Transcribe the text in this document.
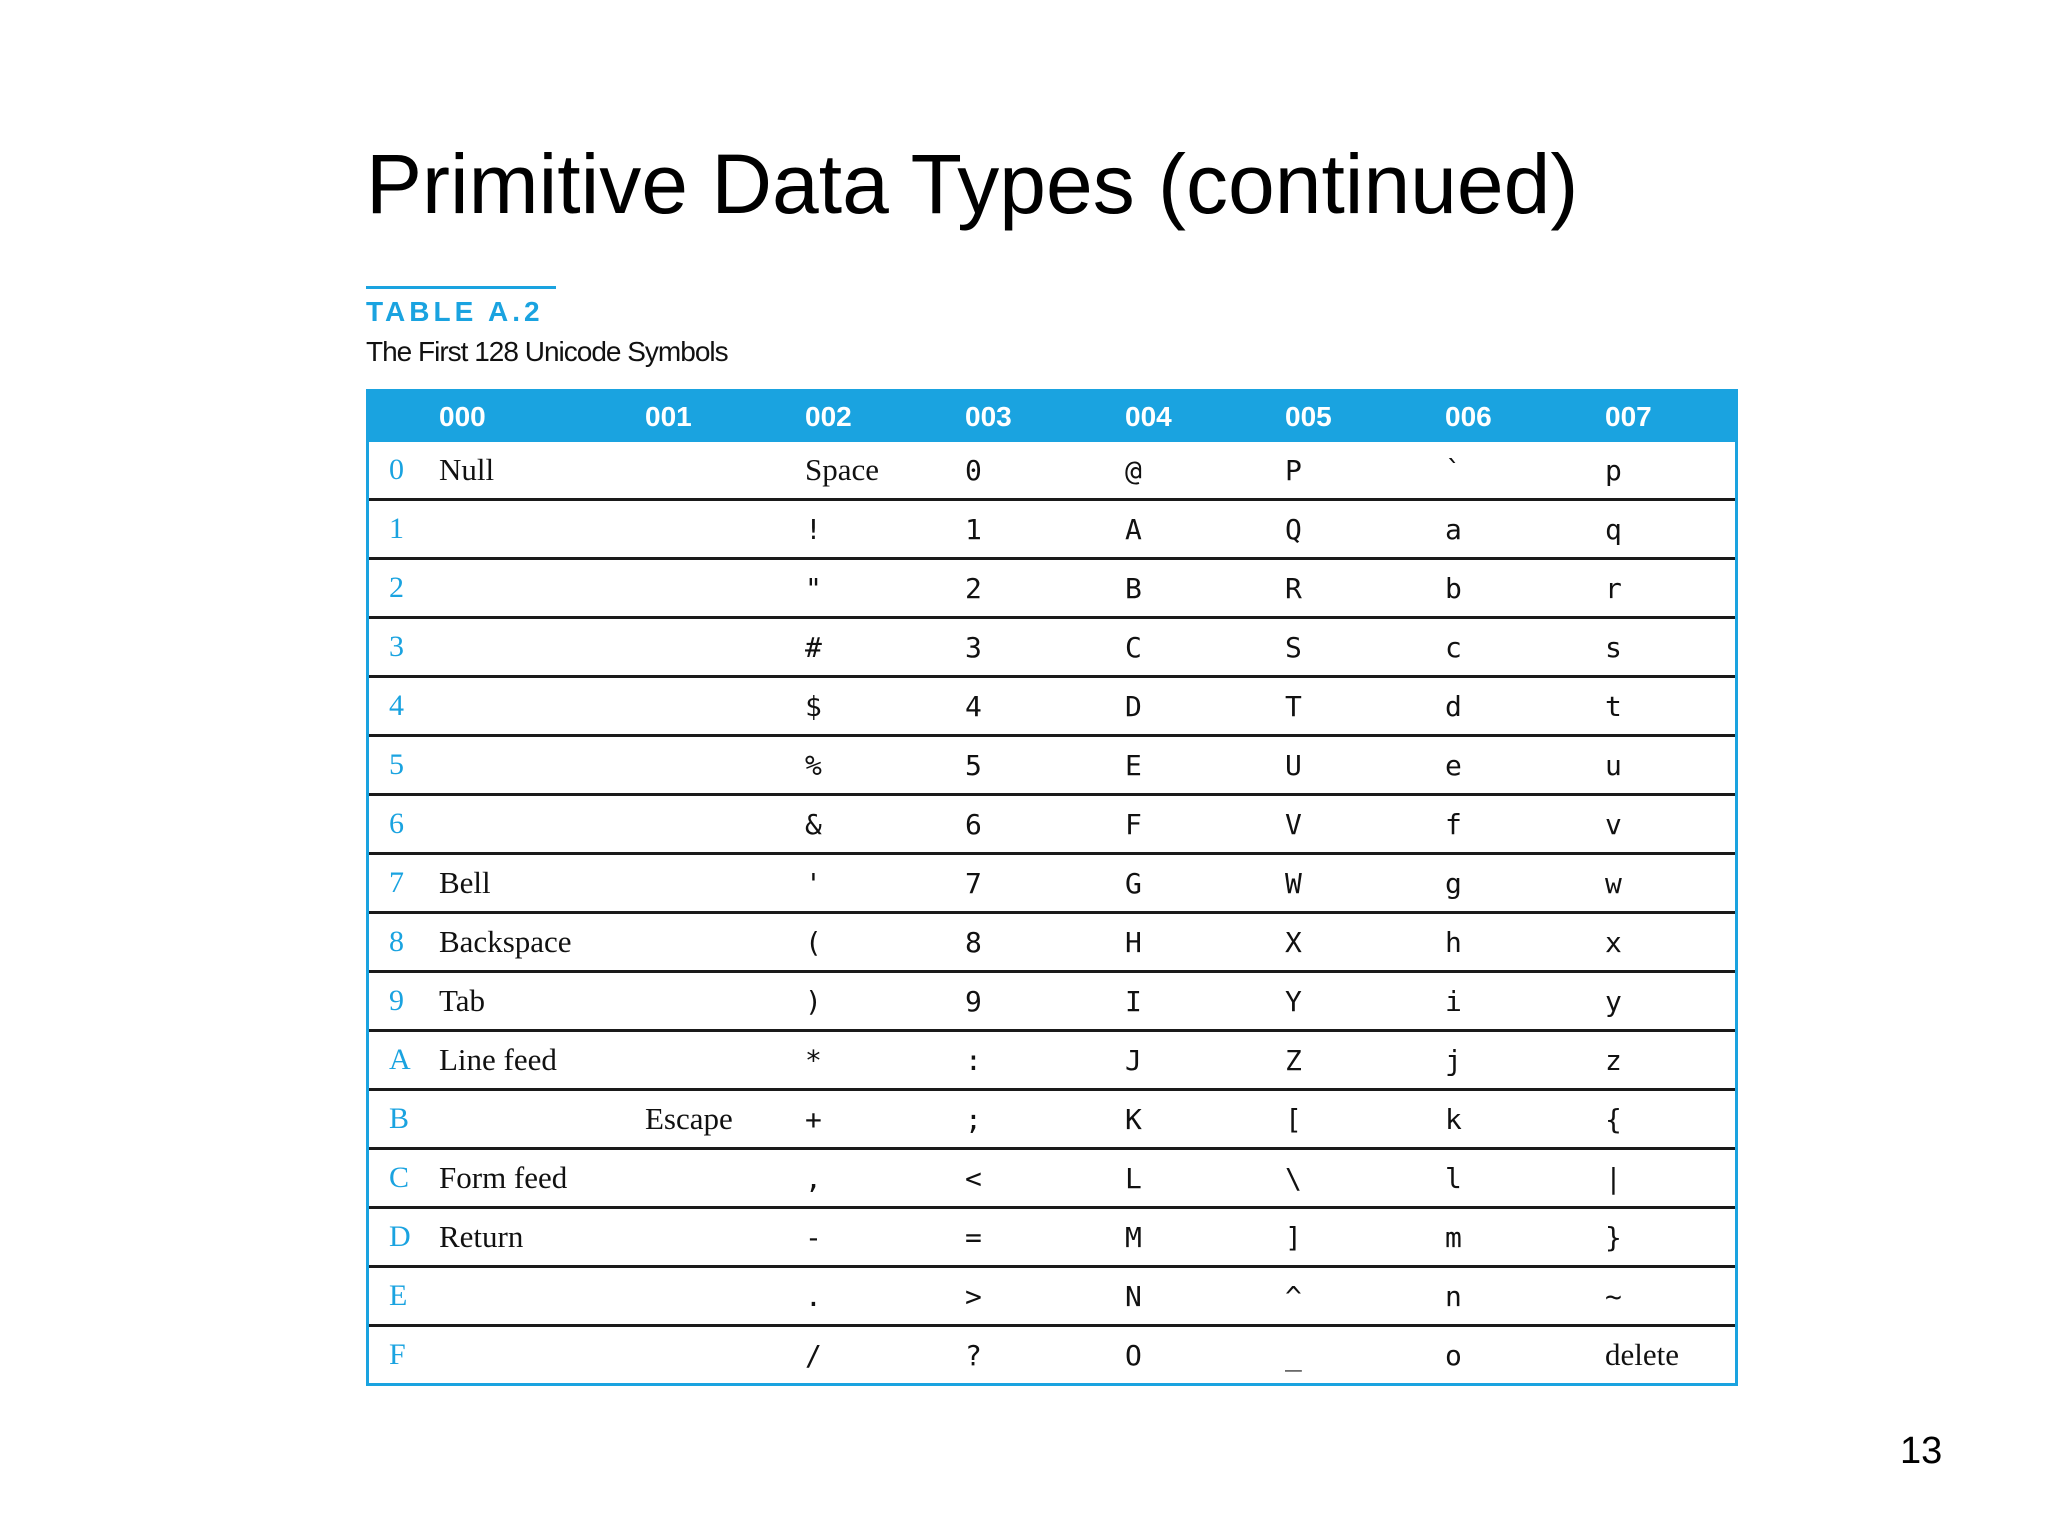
Primitive Data Types (continued)
TABLE A.2
The First 128 Unicode Symbols
	000	001	002	003	004	005	006	007
0	Null		Space	0	@	P	`	p
1			!	1	A	Q	a	q
2			"	2	B	R	b	r
3			#	3	C	S	c	s
4			$	4	D	T	d	t
5			%	5	E	U	e	u
6			&	6	F	V	f	v
7	Bell		'	7	G	W	g	w
8	Backspace		(	8	H	X	h	x
9	Tab		)	9	I	Y	i	y
A	Line feed		*	:	J	Z	j	z
B		Escape	+	;	K	[	k	{
C	Form feed		,	<	L	\	l	|
D	Return		-	=	M	]	m	}
E			.	>	N	^	n	~
F			/	?	O	_	o	delete
13
